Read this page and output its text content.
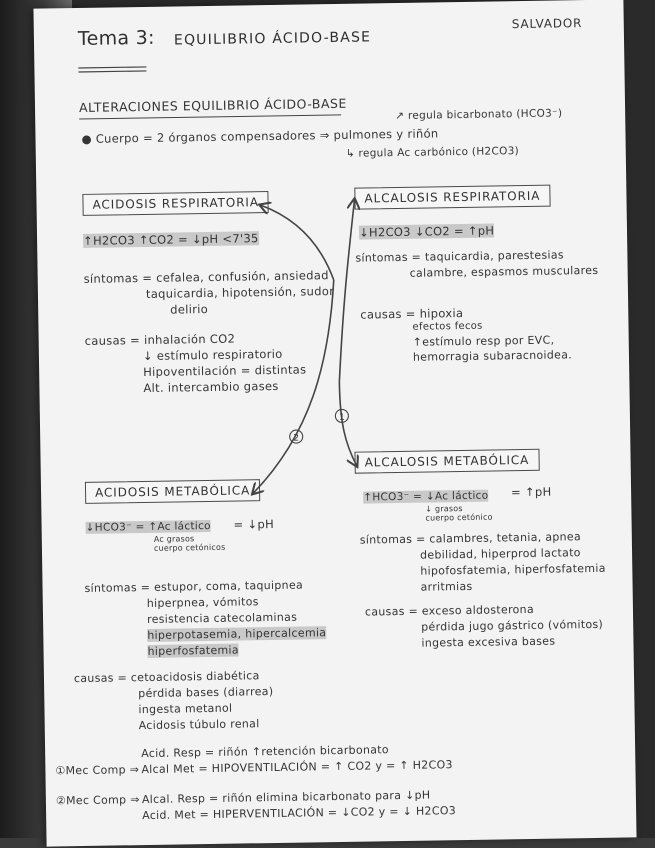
Tema 3: EQUILIBRIO ÁCIDO-BASE
SALVADOR
ALTERACIONES EQUILIBRIO ÁCIDO-BASE
● Cuerpo = 2 órganos compensadores ⇒ pulmones y riñón
↗ regula bicarbonato (HCO3⁻)
↳ regula Ac carbónico (H2CO3)
ACIDOSIS RESPIRATORIA
↑H2CO3 ↑CO2 = ↓pH <7'35
síntomas = cefalea, confusión, ansiedad
taquicardia, hipotensión, sudor
delirio
causas = inhalación CO2
↓ estímulo respiratorio
Hipoventilación = distintas
Alt. intercambio gases
ALCALOSIS RESPIRATORIA
↓H2CO3 ↓CO2 = ↑pH
síntomas = taquicardia, parestesias
calambre, espasmos musculares
causas = hipoxia
efectos fecos
↑estímulo resp por EVC,
hemorragia subaracnoidea.
ALCALOSIS METABÓLICA
↑HCO3⁻ = ↓Ac láctico
↓ grasos
cuerpo cetónico
= ↑pH
síntomas = calambres, tetania, apnea
debilidad, hiperprod lactato
hipofosfatemia, hiperfosfatemia
arritmias
causas = exceso aldosterona
pérdida jugo gástrico (vómitos)
ingesta excesiva bases
ACIDOSIS METABÓLICA
↓HCO3⁻ = ↑Ac láctico
Ac grasos
cuerpo cetónicos
= ↓pH
síntomas = estupor, coma, taquipnea
hiperpnea, vómitos
resistencia catecolaminas
hiperpotasemia, hipercalcemia
hiperfosfatemia
causas = cetoacidosis diabética
pérdida bases (diarrea)
ingesta metanol
Acidosis túbulo renal
1
2
Acid. Resp = riñón ↑retención bicarbonato
①Mec Comp ⇒ Alcal Met = HIPOVENTILACIÓN = ↑ CO2 y = ↑ H2CO3
②Mec Comp ⇒ Alcal. Resp = riñón elimina bicarbonato para ↓pH
Acid. Met = HIPERVENTILACIÓN = ↓CO2 y = ↓ H2CO3
